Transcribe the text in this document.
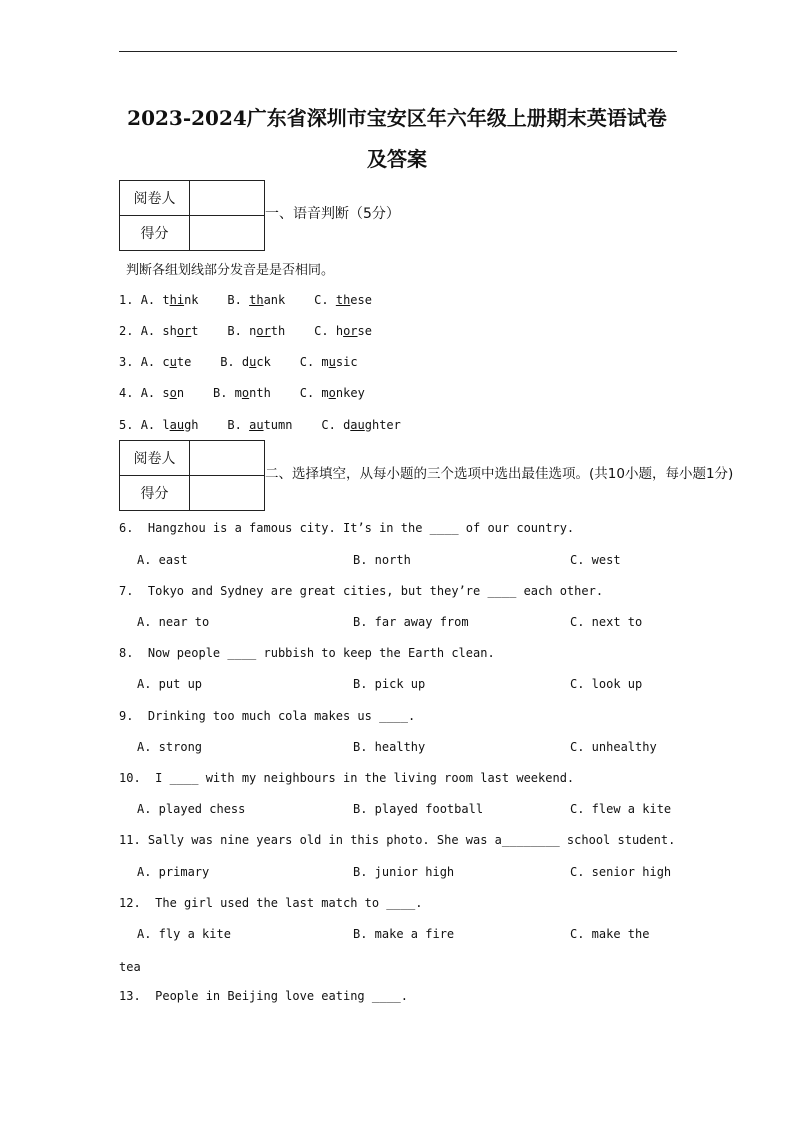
2023-2024广东省深圳市宝安区年六年级上册期末英语试卷
及答案
阅卷人	
得分	
一、语音判断（5分）
判断各组划线部分发音是是否相同。
1. A. think B. thank C. these
2. A. short B. north C. horse
3. A. cute B. duck C. music
4. A. son B. month C. monkey
5. A. laugh B. autumn C. daughter
阅卷人	
得分	
二、选择填空，从每小题的三个选项中选出最佳选项。(共10小题，每小题1分)
6.  Hangzhou is a famous city. It’s in the ____ of our country.
A. east	B. north	C. west
7.  Tokyo and Sydney are great cities, but they’re ____ each other.
A. near to	B. far away from	C. next to
8.  Now people ____ rubbish to keep the Earth clean.
A. put up	B. pick up	C. look up
9.  Drinking too much cola makes us ____.
A. strong	B. healthy	C. unhealthy
10.  I ____ with my neighbours in the living room last weekend.
A. played chess	B. played football	C. flew a kite
11. Sally was nine years old in this photo. She was a________ school student.
A. primary	B. junior high	C. senior high
12.  The girl used the last match to ____.
A. fly a kite	B. make a fire	C. make the
tea
13.  People in Beijing love eating ____.
